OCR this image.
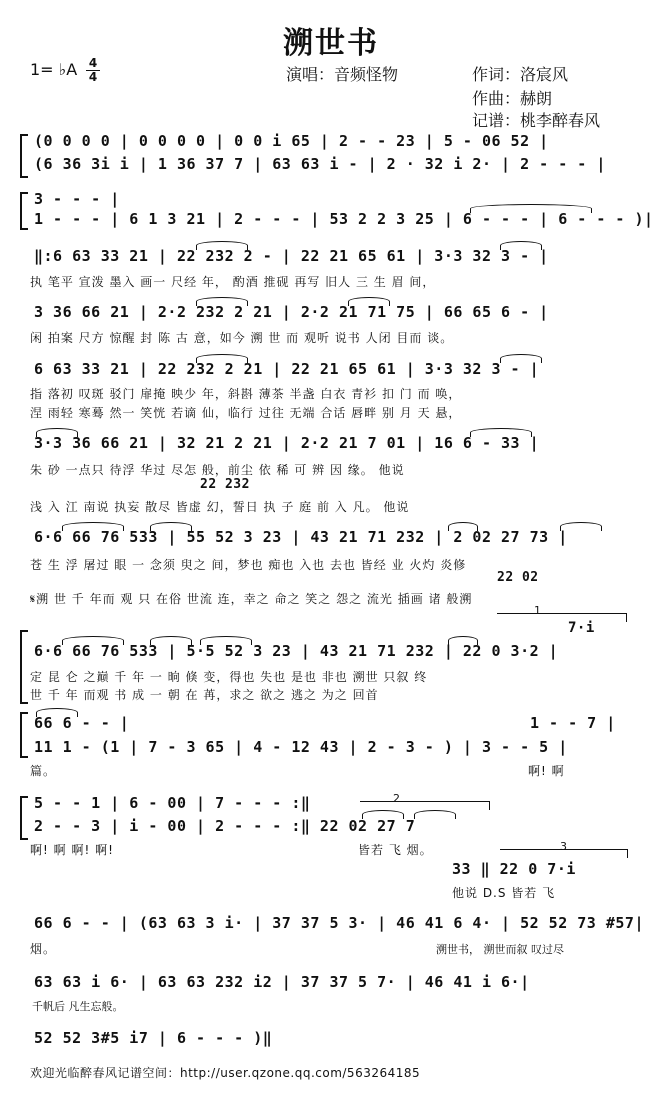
溯世书
1= ♭A 4
4	演唱：音频怪物	作词：洛宸风
作曲：赫朗
记谱：桃李醉春风
(0 0 0 0 | 0 0 0 0 | 0 0 i 65 | 2 - - 23 | 5 - 06 52 |
(6 36 3i i | 1 36 37 7 | 63 63 i - | 2 · 32 i 2· | 2 - - - |
3 - - - |
1 - - - | 6 1 3 21 | 2 - - - | 53 2 2 3 25 | 6 - - - | 6 - - - )|
‖:6 63 33 21 | 22 232 2 - | 22 21 65 61 | 3·3 32 3 - |
执 笔平 宣泼 墨入 画一 尺经 年， 酌酒 推砚 再写 旧人 三 生 眉 间，
3 36 66 21 | 2·2 232 2 21 | 2·2 21 71 75 | 66 65 6 - |
闲 拍案 尺方 惊醒 封 陈 古 意，如今 溯 世 而 观听 说书 人闭 目而 谈。
6 63 33 21 | 22 232 2 21 | 22 21 65 61 | 3·3 32 3 - |
指 落初 叹斑 驳门 扉掩 映少 年，斜斟 薄茶 半盏 白衣 青衫 扣 门 而 唤，
涅 雨轻 寒蓦 然一 笑恍 若谪 仙，临行 过往 无端 合话 唇畔 别 月 天 悬，
3·3 36 66 21 | 32 21 2 21 | 2·2 21 7 01 | 16 6 - 33 |
朱 砂 一点只 待浮 华过 尽怎 般，前尘 依 稀 可 辨 因 缘。 他说
22 232
浅 入 江 南说 执妄 散尽 皆虚 幻，誓日 执 子 庭 前 入 凡。 他说
6·6 66 76 533 | 55 52 3 23 | 43 21 71 232 | 2 02 27 73 |
苍 生 浮 屠过 眼 一 念须 臾之 间，梦也 痴也 入也 去也 皆经 业 火灼 炎修
22 02
𝄋溯 世 千 年而 观 只 在俗 世流 连，幸之 命之 笑之 怨之 流光 插画 诸 般溯
1
7·i
6·6 66 76 533 | 5·5 52 3 23 | 43 21 71 232 | 22 0 3·2 |
定 昆 仑 之巅 千 年 一 晌 倏 变，得也 失也 是也 非也 溯世 只叙 终
世 千 年 而观 书 成 一 朝 在 苒，求之 欲之 逃之 为之 回首
66 6 - - |	1 - - 7 |
11 1 - (1 | 7 - 3 65 | 4 - 12 43 | 2 - 3 - ) | 3 - - 5 |
篇。	啊! 啊
2
5 - - 1 | 6 - 00 | 7 - - - :‖
2 - - 3 | i - 00 | 2 - - - :‖ 22 02 27 7
啊! 啊 啊! 啊!	皆若 飞 烟。	3
33 ‖ 22 0 7·i
他说 D.S 皆若 飞
66 6 - - | (63 63 3 i· | 37 37 5 3· | 46 41 6 4· | 52 52 73 #57|
烟。	溯世书， 溯世而叙 叹过尽
63 63 i 6· | 63 63 232 i2 | 37 37 5 7· | 46 41 i 6·|
千帆后 凡生忘般。
52 52 3#5 i7 | 6 - - - )‖
欢迎光临醉春风记谱空间：http://user.qzone.qq.com/563264185
